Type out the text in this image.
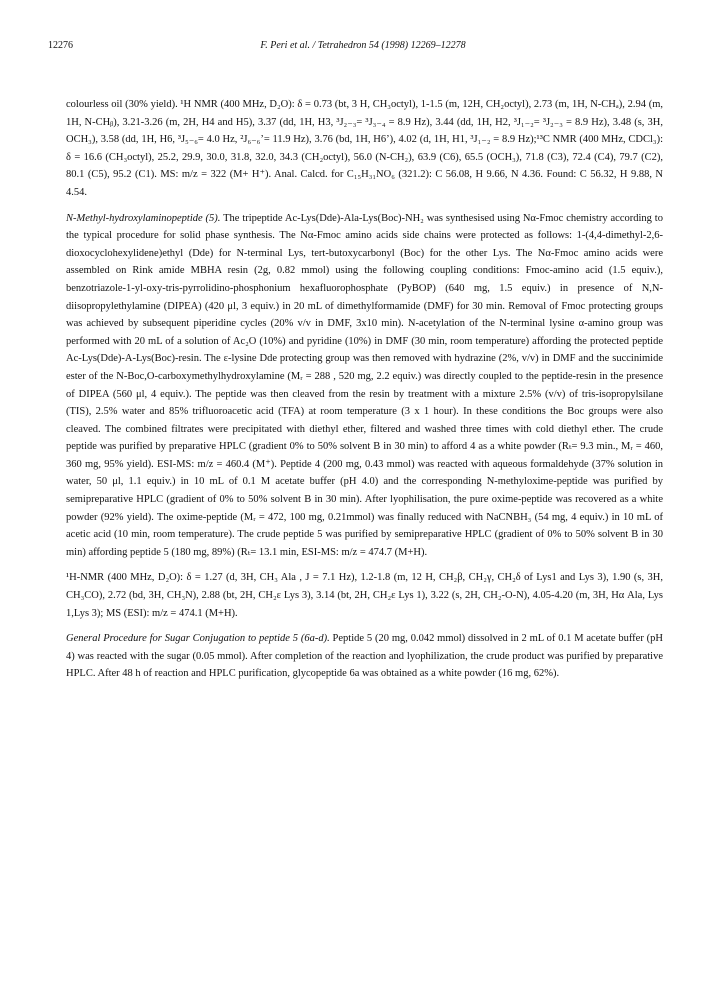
12276	F. Peri et al. / Tetrahedron 54 (1998) 12269–12278

colourless oil (30% yield). ¹H NMR (400 MHz, D₂O): δ = 0.73 (bt, 3 H, CH₃octyl), 1-1.5 (m, 12H, CH₂octyl), 2.73 (m, 1H, N-CHₐ), 2.94 (m, 1H, N-CHᵦ), 3.21-3.26 (m, 2H, H4 and H5), 3.37 (dd, 1H, H3, ³J₂₋₃= ³J₃₋₄ = 8.9 Hz), 3.44 (dd, 1H, H2, ³J₁₋₂= ³J₂₋₃ = 8.9 Hz), 3.48 (s, 3H, OCH₃), 3.58 (dd, 1H, H6, ³J₅₋₆= 4.0 Hz, ²J₆₋₆’= 11.9 Hz), 3.76 (bd, 1H, H6’), 4.02 (d, 1H, H1, ³J₁₋₂ = 8.9 Hz);¹³C NMR (400 MHz, CDCl₃): δ = 16.6 (CH₃octyl), 25.2, 29.9, 30.0, 31.8, 32.0, 34.3 (CH₂octyl), 56.0 (N-CH₂), 63.9 (C6), 65.5 (OCH₃), 71.8 (C3), 72.4 (C4), 79.7 (C2), 80.1 (C5), 95.2 (C1). MS: m/z = 322 (M+ H⁺). Anal. Calcd. for C₁₅H₃₁NO₆ (321.2): C 56.08, H 9.66, N 4.36. Found: C 56.32, H 9.88, N 4.54.

N-Methyl-hydroxylaminopeptide (5). The tripeptide Ac-Lys(Dde)-Ala-Lys(Boc)-NH₂ was synthesised using Nα-Fmoc chemistry according to the typical procedure for solid phase synthesis. The Nα-Fmoc amino acids side chains were protected as follows: 1-(4,4-dimethyl-2,6-dioxocyclohexylidene)ethyl (Dde) for N-terminal Lys, tert-butoxycarbonyl (Boc) for the other Lys. The Nα-Fmoc amino acids were assembled on Rink amide MBHA resin (2g, 0.82 mmol) using the following coupling conditions: Fmoc-amino acid (1.5 equiv.), benzotriazole-1-yl-oxy-tris-pyrrolidino-phosphonium hexafluorophosphate (PyBOP) (640 mg, 1.5 equiv.) in presence of N,N-diisopropylethylamine (DIPEA) (420 μl, 3 equiv.) in 20 mL of dimethylformamide (DMF) for 30 min. Removal of Fmoc protecting groups was achieved by subsequent piperidine cycles (20% v/v in DMF, 3x10 min). N-acetylation of the N-terminal lysine α-amino group was performed with 20 mL of a solution of Ac₂O (10%) and pyridine (10%) in DMF (30 min, room temperature) affording the protected peptide Ac-Lys(Dde)-A-Lys(Boc)-resin. The ε-lysine Dde protecting group was then removed with hydrazine (2%, v/v) in DMF and the succinimide ester of the N-Boc,O-carboxymethylhydroxylamine (Mᵣ = 288 , 520 mg, 2.2 equiv.) was directly coupled to the peptide-resin in the presence of DIPEA (560 μl, 4 equiv.). The peptide was then cleaved from the resin by treatment with a mixture 2.5% (v/v) of tris-isopropylsilane (TIS), 2.5% water and 85% trifluoroacetic acid (TFA) at room temperature (3 x 1 hour). In these conditions the Boc groups were also cleaved. The combined filtrates were precipitated with diethyl ether, filtered and washed three times with cold diethyl ether. The crude peptide was purified by preparative HPLC (gradient 0% to 50% solvent B in 30 min) to afford 4 as a white powder (Rₜ= 9.3 min., Mᵣ = 460, 360 mg, 95% yield). ESI-MS: m/z = 460.4 (M⁺). Peptide 4 (200 mg, 0.43 mmol) was reacted with aqueous formaldehyde (37% solution in water, 50 μl, 1.1 equiv.) in 10 mL of 0.1 M acetate buffer (pH 4.0) and the corresponding N-methyloxime-peptide was purified by semipreparative HPLC (gradient of 0% to 50% solvent B in 30 min). After lyophilisation, the pure oxime-peptide was recovered as a white powder (92% yield). The oxime-peptide (Mᵣ = 472, 100 mg, 0.21mmol) was finally reduced with NaCNBH₃ (54 mg, 4 equiv.) in 10 mL of acetic acid (10 min, room temperature). The crude peptide 5 was purified by semipreparative HPLC (gradient of 0% to 50% solvent B in 30 min) affording peptide 5 (180 mg, 89%) (Rₜ= 13.1 min, ESI-MS: m/z = 474.7 (M+H).

¹H-NMR (400 MHz, D₂O): δ = 1.27 (d, 3H, CH₃ Ala , J = 7.1 Hz), 1.2-1.8 (m, 12 H, CH₂β, CH₂γ, CH₂δ of Lys1 and Lys 3), 1.90 (s, 3H, CH₃CO), 2.72 (bd, 3H, CH₃N), 2.88 (bt, 2H, CH₂ε Lys 3), 3.14 (bt, 2H, CH₂ε Lys 1), 3.22 (s, 2H, CH₂-O-N), 4.05-4.20 (m, 3H, Hα Ala, Lys 1,Lys 3); MS (ESI): m/z = 474.1 (M+H).

General Procedure for Sugar Conjugation to peptide 5 (6a-d). Peptide 5 (20 mg, 0.042 mmol) dissolved in 2 mL of 0.1 M acetate buffer (pH 4) was reacted with the sugar (0.05 mmol). After completion of the reaction and lyophilization, the crude product was purified by preparative HPLC. After 48 h of reaction and HPLC purification, glycopeptide 6a was obtained as a white powder (16 mg, 62%).
